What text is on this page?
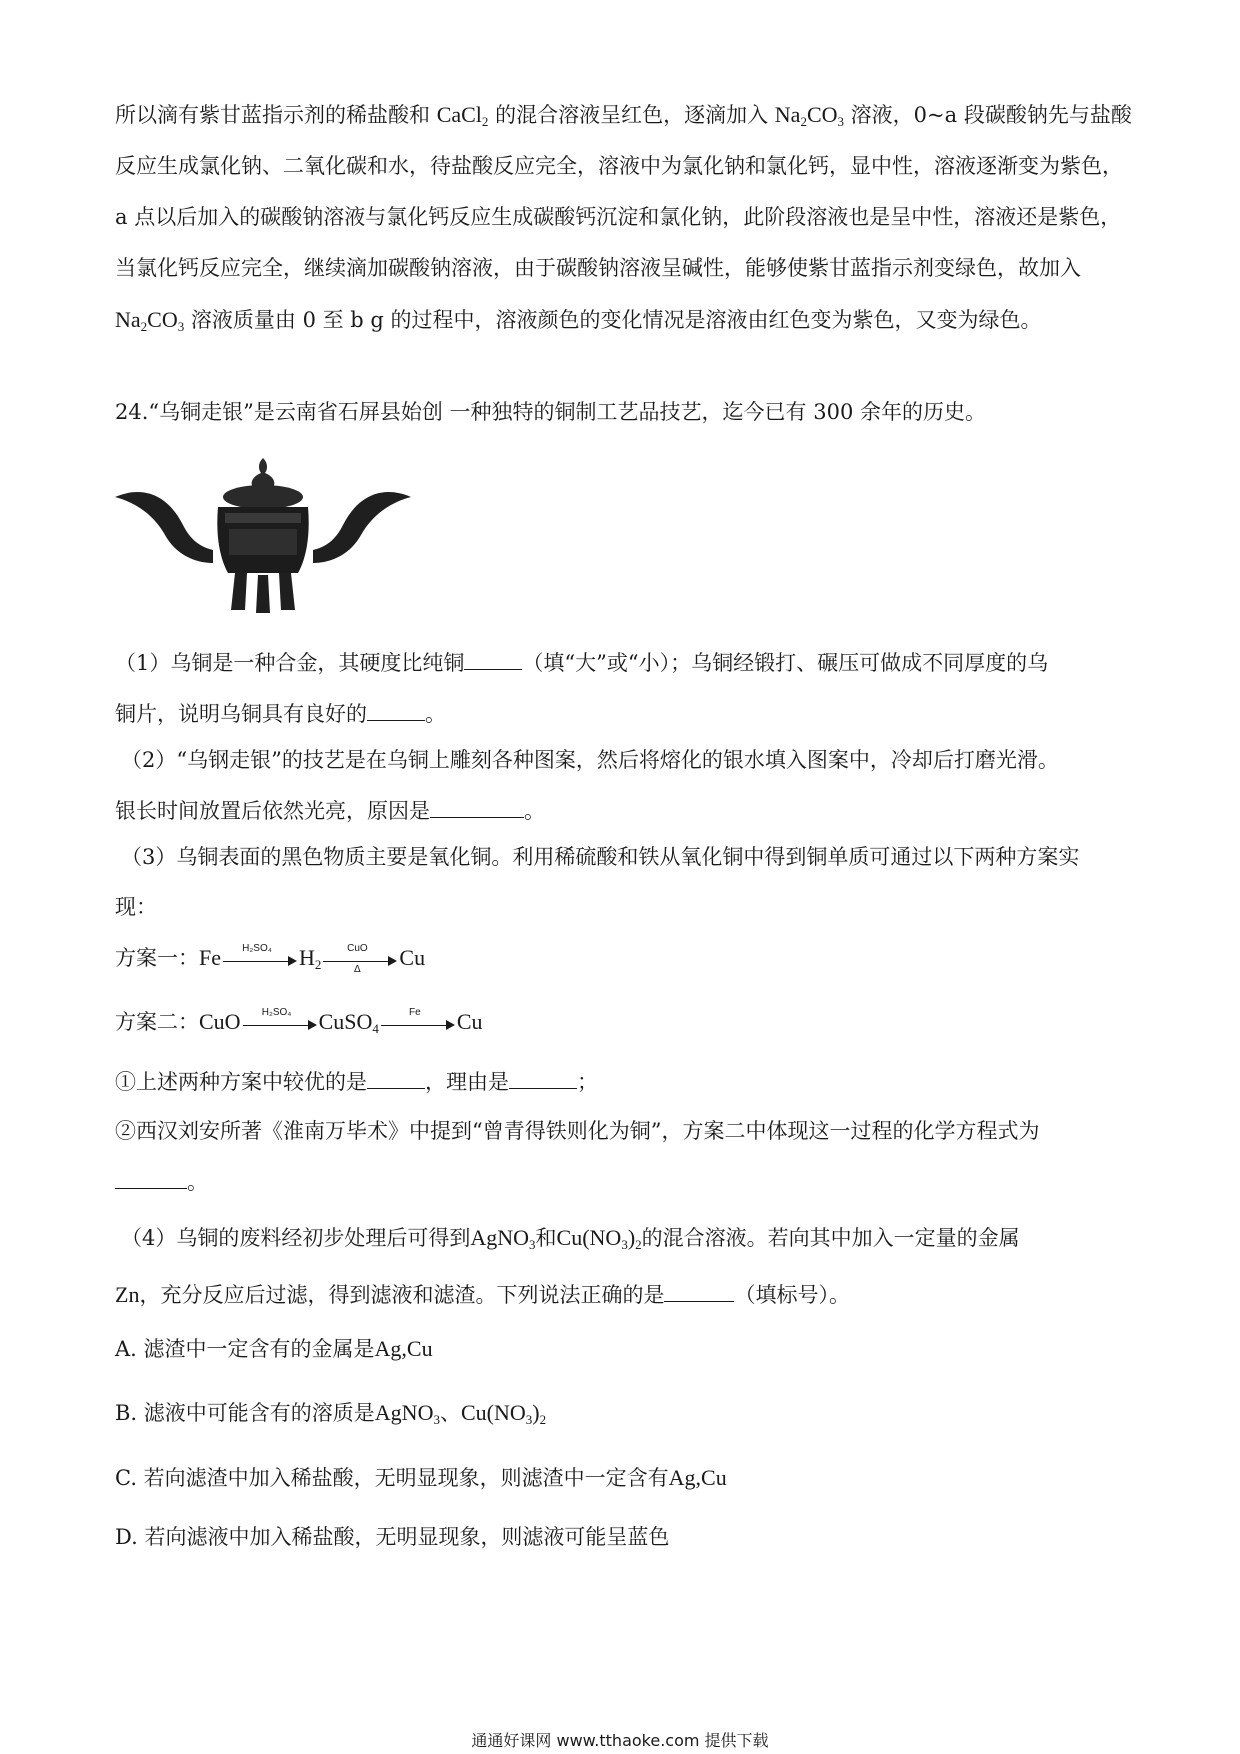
所以滴有紫甘蓝指示剂的稀盐酸和 CaCl$_2$ 的混合溶液呈红色，逐滴加入 $Na_2CO_3$ 溶液，0~a 段碳酸钠先与盐酸反应生成氯化钠、二氧化碳和水，待盐酸反应完全，溶液中为氯化钠和氯化钙，显中性，溶液逐渐变为紫色，a 点以后加入的碳酸钠溶液与氯化钙反应生成碳酸钙沉淀和氯化钠，此阶段溶液也是呈中性，溶液还是紫色，当氯化钙反应完全，继续滴加碳酸钠溶液，由于碳酸钠溶液呈碱性，能够使紫甘蓝指示剂变绿色，故加入 $Na_2CO_3$ 溶液质量由 0 至 b g 的过程中，溶液颜色的变化情况是溶液由红色变为紫色，又变为绿色。

24.“乌铜走银”是云南省石屏县始创 一种独特的铜制工艺品技艺，迄今已有 300 余年的历史。

（1）乌铜是一种合金，其硬度比纯铜	（填“大”或“小）；乌铜经锻打、碾压可做成不同厚度的乌

铜片，说明乌铜具有良好的	。

（2）“乌钢走银”的技艺是在乌铜上雕刻各种图案，然后将熔化的银水填入图案中，冷却后打磨光滑。

银长时间放置后依然光亮，原因是	。

（3）乌铜表面的黑色物质主要是氧化铜。利用稀硫酸和铁从氧化铜中得到铜单质可通过以下两种方案实

现：

方案一：Fe	H₂SO₄	$H_2$
CuO
Δ	Cu

方案二：CuO	H₂SO₄	CuSO$_4$
Fe	Cu

①上述两种方案中较优的是	，理由是	；

②西汉刘安所著《淮南万毕术》中提到“曾青得铁则化为铜”，方案二中体现这一过程的化学方程式为

。

（4）乌铜的废料经初步处理后可得到AgNO$_3$和$Cu(NO_3)_2$的混合溶液。若向其中加入一定量的金属

Zn，充分反应后过滤，得到滤液和滤渣。下列说法正确的是	（填标号）。

A. 滤渣中一定含有的金属是Ag,Cu

B. 滤液中可能含有的溶质是AgNO$_3$、$Cu(NO_3)_2$

C. 若向滤渣中加入稀盐酸，无明显现象，则滤渣中一定含有Ag,Cu

D. 若向滤液中加入稀盐酸，无明显现象，则滤液可能呈蓝色

通通好课网 www.tthaoke.com 提供下载
